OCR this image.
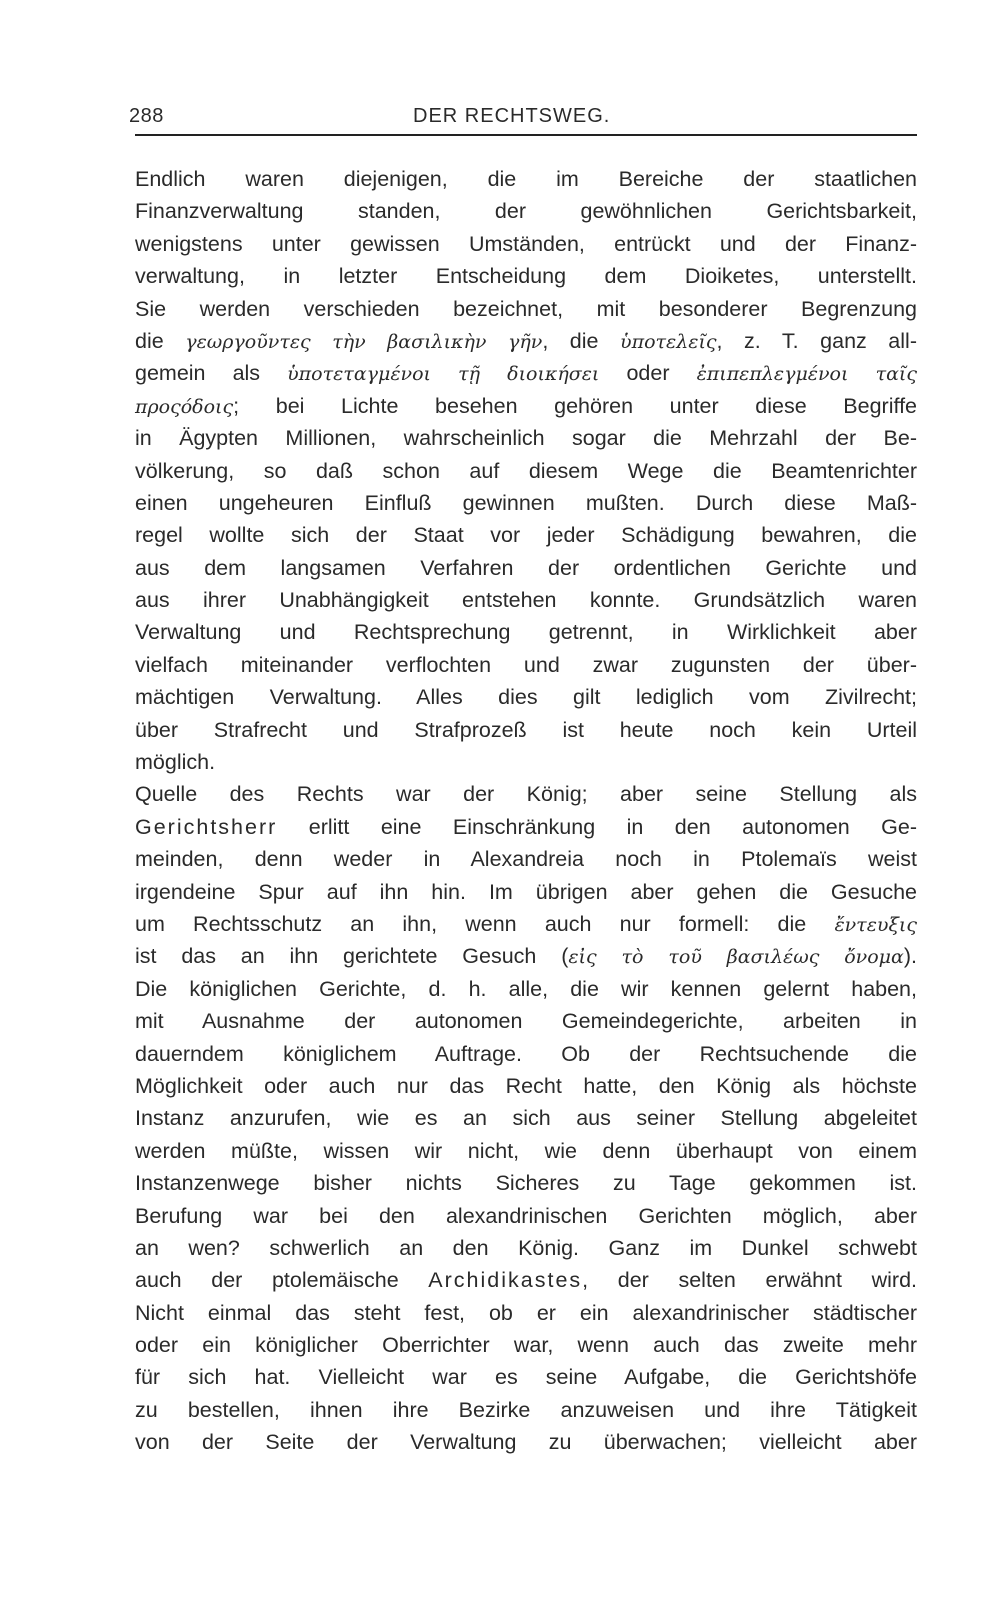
288	DER RECHTSWEG.
Endlich waren diejenigen, die im Bereiche der staatlichen
Finanzverwaltung standen, der gewöhnlichen Gerichtsbarkeit,
wenigstens unter gewissen Umständen, entrückt und der Finanz-
verwaltung, in letzter Entscheidung dem Dioiketes, unterstellt.
Sie werden verschieden bezeichnet, mit besonderer Begrenzung
die γεωργοῦντες τὴν βασιλικὴν γῆν, die ὑποτελεῖς, z. T. ganz all-
gemein als ὑποτεταγμένοι τῇ διοικήσει oder ἐπιπεπλεγμένοι ταῖς
προςόδοις; bei Lichte besehen gehören unter diese Begriffe
in Ägypten Millionen, wahrscheinlich sogar die Mehrzahl der Be-
völkerung, so daß schon auf diesem Wege die Beamtenrichter
einen ungeheuren Einfluß gewinnen mußten. Durch diese Maß-
regel wollte sich der Staat vor jeder Schädigung bewahren, die
aus dem langsamen Verfahren der ordentlichen Gerichte und
aus ihrer Unabhängigkeit entstehen konnte. Grundsätzlich waren
Verwaltung und Rechtsprechung getrennt, in Wirklichkeit aber
vielfach miteinander verflochten und zwar zugunsten der über-
mächtigen Verwaltung. Alles dies gilt lediglich vom Zivilrecht;
über Strafrecht und Strafprozeß ist heute noch kein Urteil
möglich.
Quelle des Rechts war der König; aber seine Stellung als
Gerichtsherr erlitt eine Einschränkung in den autonomen Ge-
meinden, denn weder in Alexandreia noch in Ptolemaïs weist
irgendeine Spur auf ihn hin. Im übrigen aber gehen die Gesuche
um Rechtsschutz an ihn, wenn auch nur formell: die ἔντευξις
ist das an ihn gerichtete Gesuch (εἰς τὸ τοῦ βασιλέως ὄνομα).
Die königlichen Gerichte, d. h. alle, die wir kennen gelernt haben,
mit Ausnahme der autonomen Gemeindegerichte, arbeiten in
dauerndem königlichem Auftrage. Ob der Rechtsuchende die
Möglichkeit oder auch nur das Recht hatte, den König als höchste
Instanz anzurufen, wie es an sich aus seiner Stellung abgeleitet
werden müßte, wissen wir nicht, wie denn überhaupt von einem
Instanzenwege bisher nichts Sicheres zu Tage gekommen ist.
Berufung war bei den alexandrinischen Gerichten möglich, aber
an wen? schwerlich an den König. Ganz im Dunkel schwebt
auch der ptolemäische Archidikastes, der selten erwähnt wird.
Nicht einmal das steht fest, ob er ein alexandrinischer städtischer
oder ein königlicher Oberrichter war, wenn auch das zweite mehr
für sich hat. Vielleicht war es seine Aufgabe, die Gerichtshöfe
zu bestellen, ihnen ihre Bezirke anzuweisen und ihre Tätigkeit
von der Seite der Verwaltung zu überwachen; vielleicht aber
